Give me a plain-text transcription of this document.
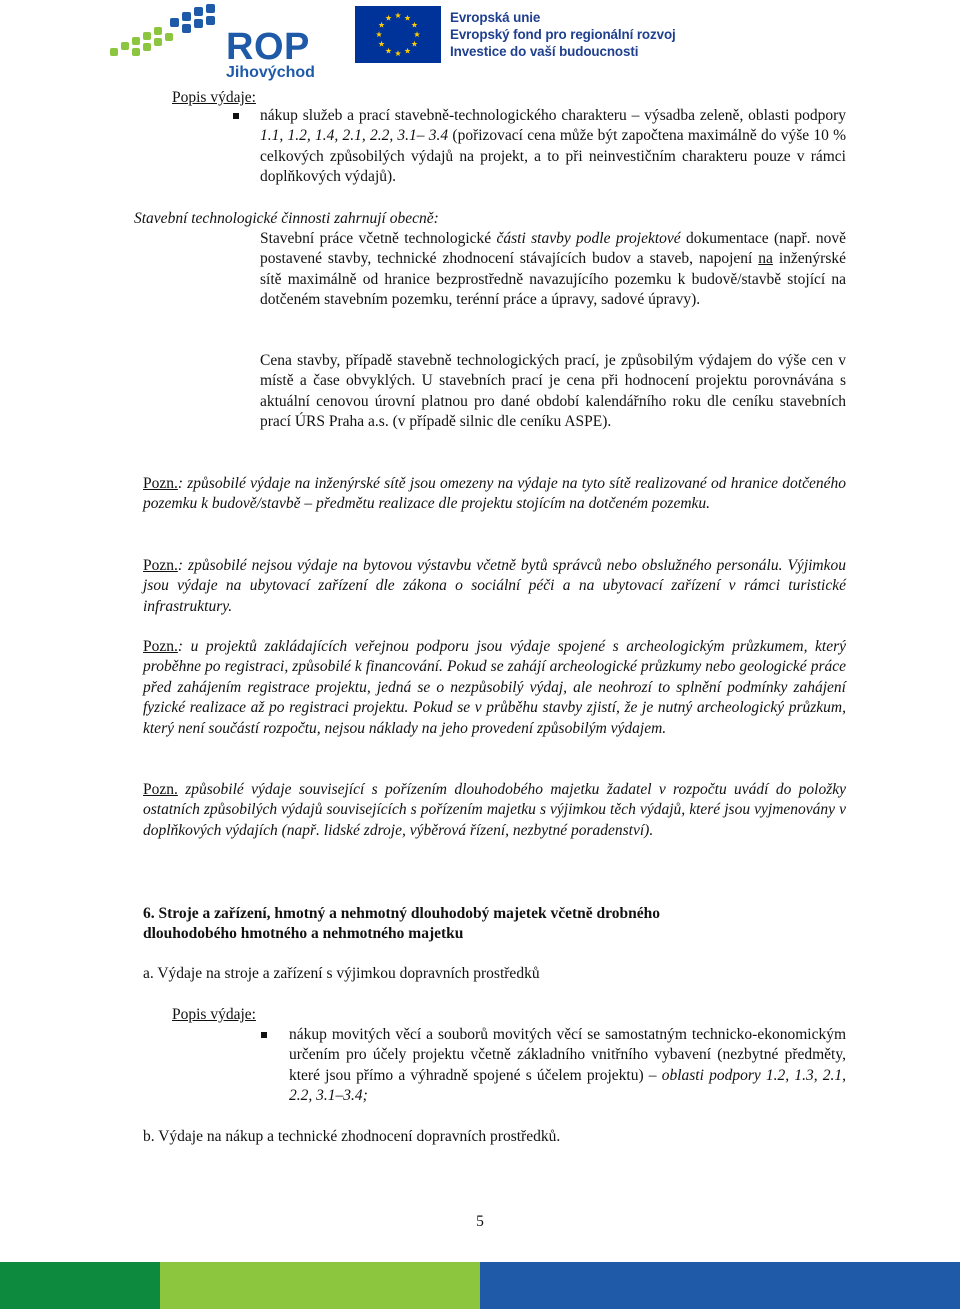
ROP
Jihovýchod
Evropská unie
Evropský fond pro regionální rozvoj
Investice do vaší budoucnosti
Popis výdaje:
nákup služeb a prací stavebně-technologického charakteru – výsadba zeleně, oblasti podpory 1.1, 1.2, 1.4, 2.1, 2.2, 3.1– 3.4 (pořizovací cena může být započtena maximálně do výše 10 % celkových způsobilých výdajů na projekt, a to při neinvestičním charakteru pouze v rámci doplňkových výdajů).
Stavební technologické činnosti zahrnují obecně:
Stavební práce včetně technologické části stavby podle projektové dokumentace (např. nově postavené stavby, technické zhodnocení stávajících budov a staveb, napojení na inženýrské sítě maximálně od hranice bezprostředně navazujícího pozemku k budově/stavbě stojící na dotčeném stavebním pozemku, terénní práce a úpravy, sadové úpravy).
Cena stavby, případě stavebně technologických prací, je způsobilým výdajem do výše cen v místě a čase obvyklých. U stavebních prací je cena při hodnocení projektu porovnávána s aktuální cenovou úrovní platnou pro dané období kalendářního roku dle ceníku stavebních prací ÚRS Praha a.s. (v případě silnic dle ceníku ASPE).
Pozn.: způsobilé výdaje na inženýrské sítě jsou omezeny na výdaje na tyto sítě realizované od hranice dotčeného pozemku k budově/stavbě – předmětu realizace dle projektu stojícím na dotčeném pozemku.
Pozn.: způsobilé nejsou výdaje na bytovou výstavbu včetně bytů správců nebo obslužného personálu. Výjimkou jsou výdaje na ubytovací zařízení dle zákona o sociální péči a na ubytovací zařízení v rámci turistické infrastruktury.
Pozn.: u projektů zakládajících veřejnou podporu jsou výdaje spojené s archeologickým průzkumem, který proběhne po registraci, způsobilé k financování. Pokud se zahájí archeologické průzkumy nebo geologické práce před zahájením registrace projektu, jedná se o nezpůsobilý výdaj, ale neohrozí to splnění podmínky zahájení fyzické realizace až po registraci projektu. Pokud se v průběhu stavby zjistí, že je nutný archeologický průzkum, který není součástí rozpočtu, nejsou náklady na jeho provedení způsobilým výdajem.
Pozn. způsobilé výdaje související s pořízením dlouhodobého majetku žadatel v rozpočtu uvádí do položky ostatních způsobilých výdajů souvisejících s pořízením majetku s výjimkou těch výdajů, které jsou vyjmenovány v doplňkových výdajích (např. lidské zdroje, výběrová řízení, nezbytné poradenství).
6. Stroje a zařízení, hmotný a nehmotný dlouhodobý majetek včetně drobného
dlouhodobého hmotného a nehmotného majetku
a. Výdaje na stroje a zařízení s výjimkou dopravních prostředků
Popis výdaje:
nákup movitých věcí a souborů movitých věcí se samostatným technicko-ekonomickým určením pro účely projektu včetně základního vnitřního vybavení (nezbytné předměty, které jsou přímo a výhradně spojené s účelem projektu) – oblasti podpory 1.2, 1.3, 2.1, 2.2, 3.1–3.4;
b. Výdaje na nákup a technické zhodnocení dopravních prostředků.
5
